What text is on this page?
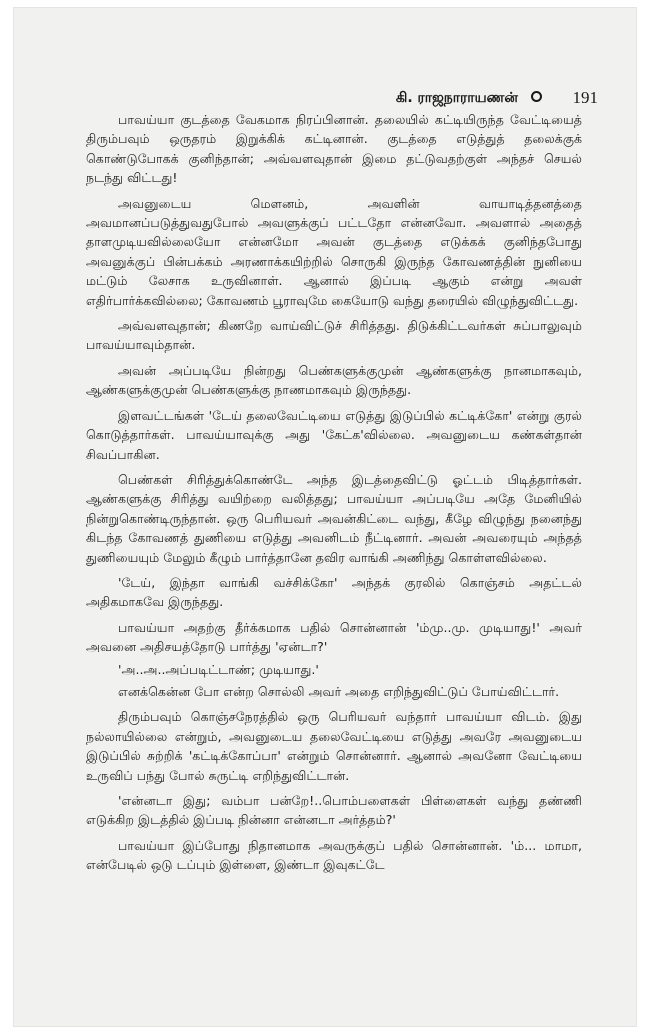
கி. ராஜநாராயணன்	191

பாவய்யா குடத்தை வேகமாக நிரப்பினான். தலையில் கட்டியிருந்த வேட்டியைத் திரும்பவும் ஒருதரம் இறுக்கிக் கட்டினான். குடத்தை எடுத்துத் தலைக்குக் கொண்டுபோகக் குனிந்தான்; அவ்வளவுதான் இமை தட்டுவதற்குள் அந்தச் செயல் நடந்து விட்டது!

அவனுடைய மௌனம், அவளின் வாயாடித்தனத்தை அவமானப்படுத்துவதுபோல் அவளுக்குப் பட்டதோ என்னவோ. அவளால் அதைத் தாளமுடியவில்லையோ என்னமோ அவன் குடத்தை எடுக்கக் குனிந்தபோது அவனுக்குப் பின்பக்கம் அரணாக்கயிற்றில் சொருகி இருந்த கோவணத்தின் நுனியை மட்டும் லேசாக உருவினாள். ஆனால் இப்படி ஆகும் என்று அவள் எதிர்பார்க்கவில்லை; கோவணம் பூராவுமே கையோடு வந்து தரையில் விழுந்துவிட்டது.

அவ்வளவுதான்; கிணறே வாய்விட்டுச் சிரித்தது. திடுக்கிட்டவர்கள் சுப்பாலுவும் பாவய்யாவும்தான்.

அவன் அப்படியே நின்றது பெண்களுக்குமுன் ஆண்களுக்கு நானமாகவும், ஆண்களுக்குமுன் பெண்களுக்கு நாணமாகவும் இருந்தது.

இளவட்டங்கள் 'டேய் தலைவேட்டியை எடுத்து இடுப்பில் கட்டிக்கோ' என்று குரல் கொடுத்தார்கள். பாவய்யாவுக்கு அது 'கேட்க'வில்லை. அவனுடைய கண்கள்தான் சிவப்பாகின.

பெண்கள் சிரித்துக்கொண்டே அந்த இடத்தைவிட்டு ஓட்டம் பிடித்தார்கள். ஆண்களுக்கு சிரித்து வயிற்றை வலித்தது; பாவய்யா அப்படியே அதே மேனியில் நின்றுகொண்டிருந்தான். ஒரு பெரியவர் அவன்கிட்டை வந்து, கீழே விழுந்து நனைந்து கிடந்த கோவணத் துணியை எடுத்து அவனிடம் நீட்டினார். அவன் அவரையும் அந்தத் துணியையும் மேலும் கீழும் பார்த்தானே தவிர வாங்கி அணிந்து கொள்ளவில்லை.

'டேய், இந்தா வாங்கி வச்சிக்கோ' அந்தக் குரலில் கொஞ்சம் அதட்டல் அதிகமாகவே இருந்தது.

பாவய்யா அதற்கு தீர்க்கமாக பதில் சொன்னான் 'ம்மு..மு. முடியாது!' அவர் அவனை அதிசயத்தோடு பார்த்து 'ஏன்டா?'

'அ..அ..அப்படிட்டாண்; முடியாது.'

எனக்கென்ன போ என்ற சொல்லி அவர் அதை எறிந்துவிட்டுப் போய்விட்டார்.

திரும்பவும் கொஞ்சநேரத்தில் ஒரு பெரியவர் வந்தார் பாவய்யா விடம். இது நல்லாயில்லை என்றும், அவனுடைய தலைவேட்டியை எடுத்து அவரே அவனுடைய இடுப்பில் சுற்றிக் 'கட்டிக்கோப்பா' என்றும் சொன்னார். ஆனால் அவனோ வேட்டியை உருவிப் பந்து போல் சுருட்டி எறிந்துவிட்டான்.

'என்னடா இது; வம்பா பன்றே!..பொம்பளைகள் பிள்ளைகள் வந்து தண்ணி எடுக்கிற இடத்தில் இப்படி நின்னா என்னடா அர்த்தம்?'

பாவய்யா இப்போது நிதானமாக அவருக்குப் பதில் சொன்னான். 'ம்... மாமா, என்பேடில் ஒடு டப்பும் இள்ளை, இண்டா இவுகட்டே
